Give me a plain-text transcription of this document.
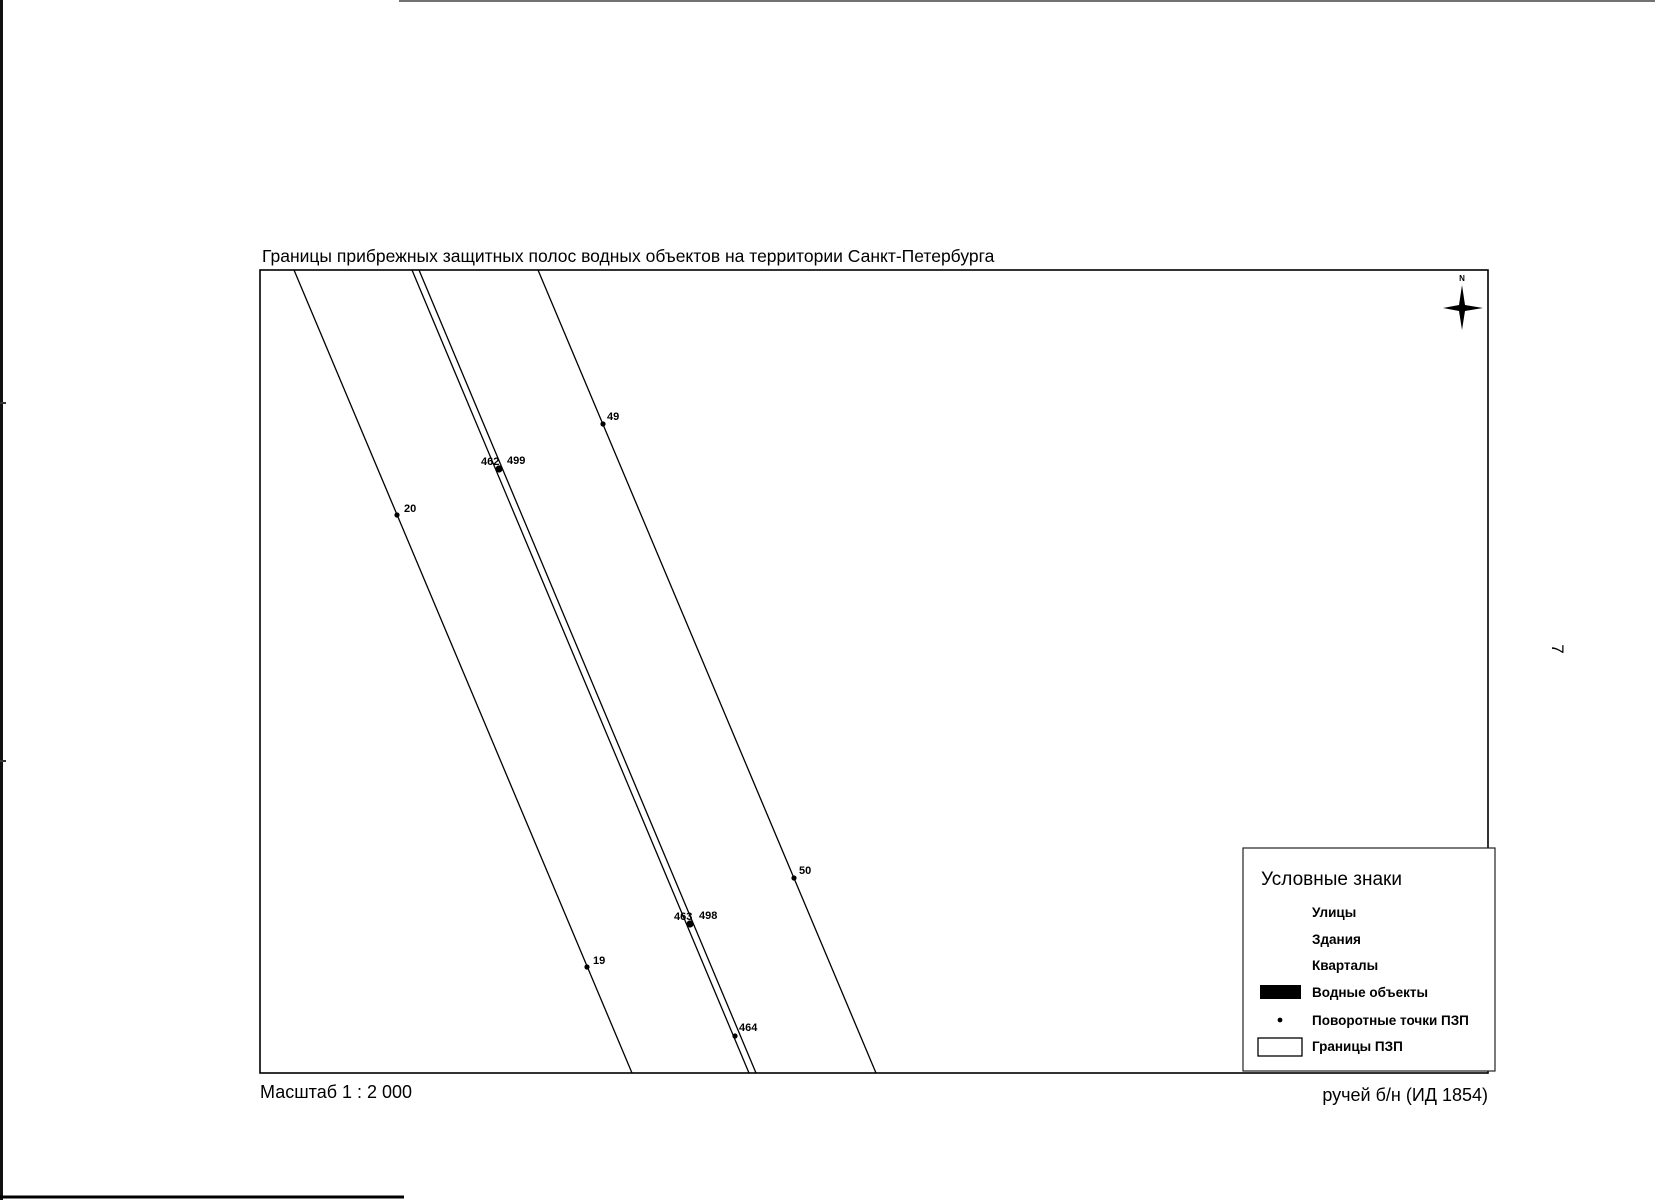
Границы прибрежных защитных полос водных объектов на территории Санкт-Петербурга
49
462 499
20
50
463 498
19
464
N
Условные знаки
Улицы
Здания
Кварталы
Водные объекты
Поворотные точки ПЗП
Границы ПЗП
Масштаб 1 : 2 000	ручей б/н (ИД 1854)
7
